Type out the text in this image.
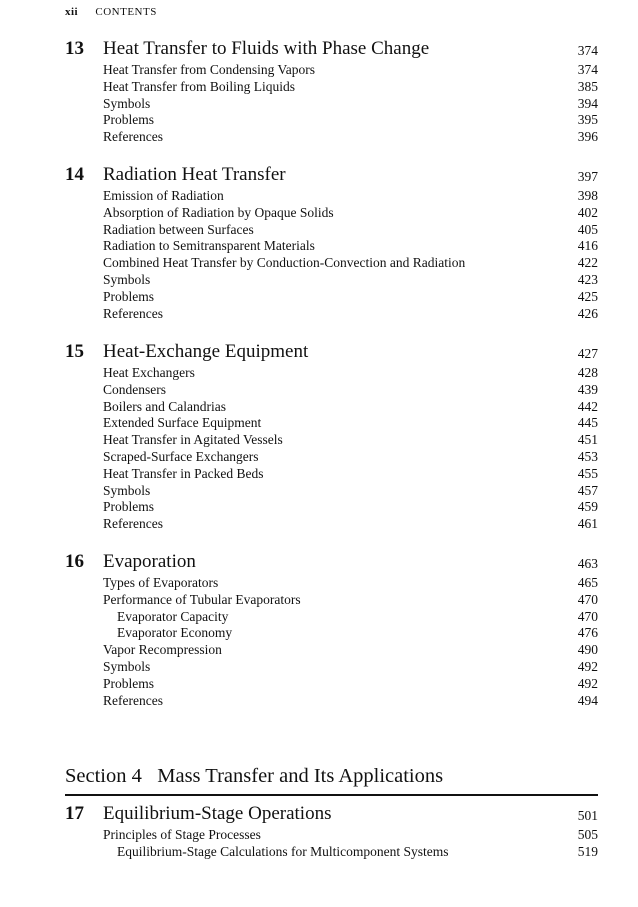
xii CONTENTS
13 Heat Transfer to Fluids with Phase Change	374
Heat Transfer from Condensing Vapors	374
Heat Transfer from Boiling Liquids	385
Symbols	394
Problems	395
References	396
14 Radiation Heat Transfer	397
Emission of Radiation	398
Absorption of Radiation by Opaque Solids	402
Radiation between Surfaces	405
Radiation to Semitransparent Materials	416
Combined Heat Transfer by Conduction-Convection and Radiation	422
Symbols	423
Problems	425
References	426
15 Heat-Exchange Equipment	427
Heat Exchangers	428
Condensers	439
Boilers and Calandrias	442
Extended Surface Equipment	445
Heat Transfer in Agitated Vessels	451
Scraped-Surface Exchangers	453
Heat Transfer in Packed Beds	455
Symbols	457
Problems	459
References	461
16 Evaporation	463
Types of Evaporators	465
Performance of Tubular Evaporators	470
Evaporator Capacity	470
Evaporator Economy	476
Vapor Recompression	490
Symbols	492
Problems	492
References	494
Section 4 Mass Transfer and Its Applications
17 Equilibrium-Stage Operations	501
Principles of Stage Processes	505
Equilibrium-Stage Calculations for Multicomponent Systems	519
